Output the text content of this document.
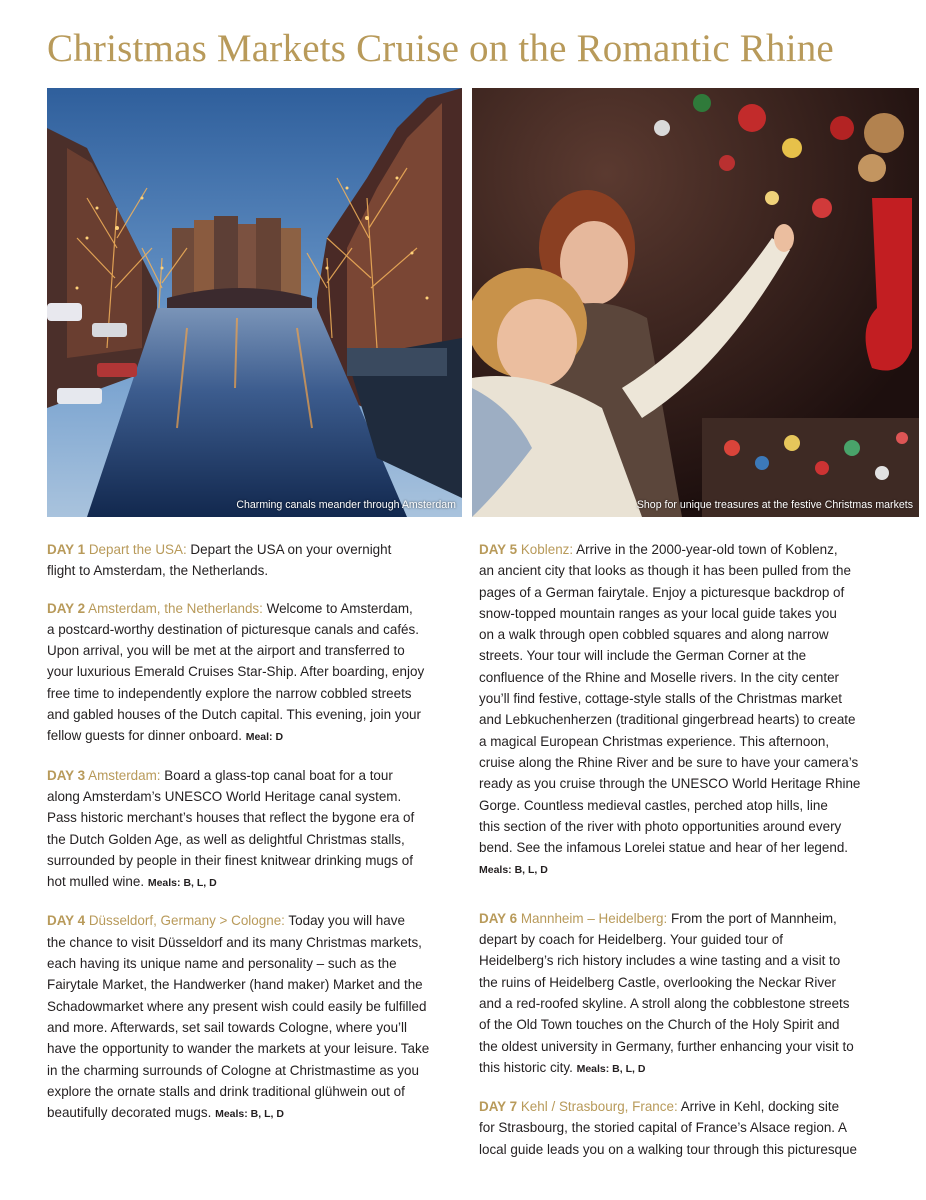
Christmas Markets Cruise on the Romantic Rhine
Charming canals meander through Amsterdam	Shop for unique treasures at the festive Christmas markets

DAY 1 Depart the USA: Depart the USA on your overnight
flight to Amsterdam, the Netherlands.

DAY 2 Amsterdam, the Netherlands: Welcome to Amsterdam,
a postcard-worthy destination of picturesque canals and cafés.
Upon arrival, you will be met at the airport and transferred to
your luxurious Emerald Cruises Star-Ship. After boarding, enjoy
free time to independently explore the narrow cobbled streets
and gabled houses of the Dutch capital. This evening, join your
fellow guests for dinner onboard. Meal: D

DAY 3 Amsterdam: Board a glass-top canal boat for a tour
along Amsterdam’s UNESCO World Heritage canal system.
Pass historic merchant’s houses that reflect the bygone era of
the Dutch Golden Age, as well as delightful Christmas stalls,
surrounded by people in their finest knitwear drinking mugs of
hot mulled wine. Meals: B, L, D

DAY 4 Düsseldorf, Germany > Cologne: Today you will have
the chance to visit Düsseldorf and its many Christmas markets,
each having its unique name and personality – such as the
Fairytale Market, the Handwerker (hand maker) Market and the
Schadowmarket where any present wish could easily be fulfilled
and more. Afterwards, set sail towards Cologne, where you’ll
have the opportunity to wander the markets at your leisure. Take
in the charming surrounds of Cologne at Christmastime as you
explore the ornate stalls and drink traditional glühwein out of
beautifully decorated mugs. Meals: B, L, D

DAY 5 Koblenz: Arrive in the 2000-year-old town of Koblenz,
an ancient city that looks as though it has been pulled from the
pages of a German fairytale. Enjoy a picturesque backdrop of
snow-topped mountain ranges as your local guide takes you
on a walk through open cobbled squares and along narrow
streets. Your tour will include the German Corner at the
confluence of the Rhine and Moselle rivers. In the city center
you’ll find festive, cottage-style stalls of the Christmas market
and Lebkuchenherzen (traditional gingerbread hearts) to create
a magical European Christmas experience. This afternoon,
cruise along the Rhine River and be sure to have your camera’s
ready as you cruise through the UNESCO World Heritage Rhine
Gorge. Countless medieval castles, perched atop hills, line
this section of the river with photo opportunities around every
bend. See the infamous Lorelei statue and hear of her legend.
Meals: B, L, D

DAY 6 Mannheim – Heidelberg: From the port of Mannheim,
depart by coach for Heidelberg. Your guided tour of
Heidelberg’s rich history includes a wine tasting and a visit to
the ruins of Heidelberg Castle, overlooking the Neckar River
and a red-roofed skyline. A stroll along the cobblestone streets
of the Old Town touches on the Church of the Holy Spirit and
the oldest university in Germany, further enhancing your visit to
this historic city. Meals: B, L, D

DAY 7 Kehl / Strasbourg, France: Arrive in Kehl, docking site
for Strasbourg, the storied capital of France’s Alsace region. A
local guide leads you on a walking tour through this picturesque
